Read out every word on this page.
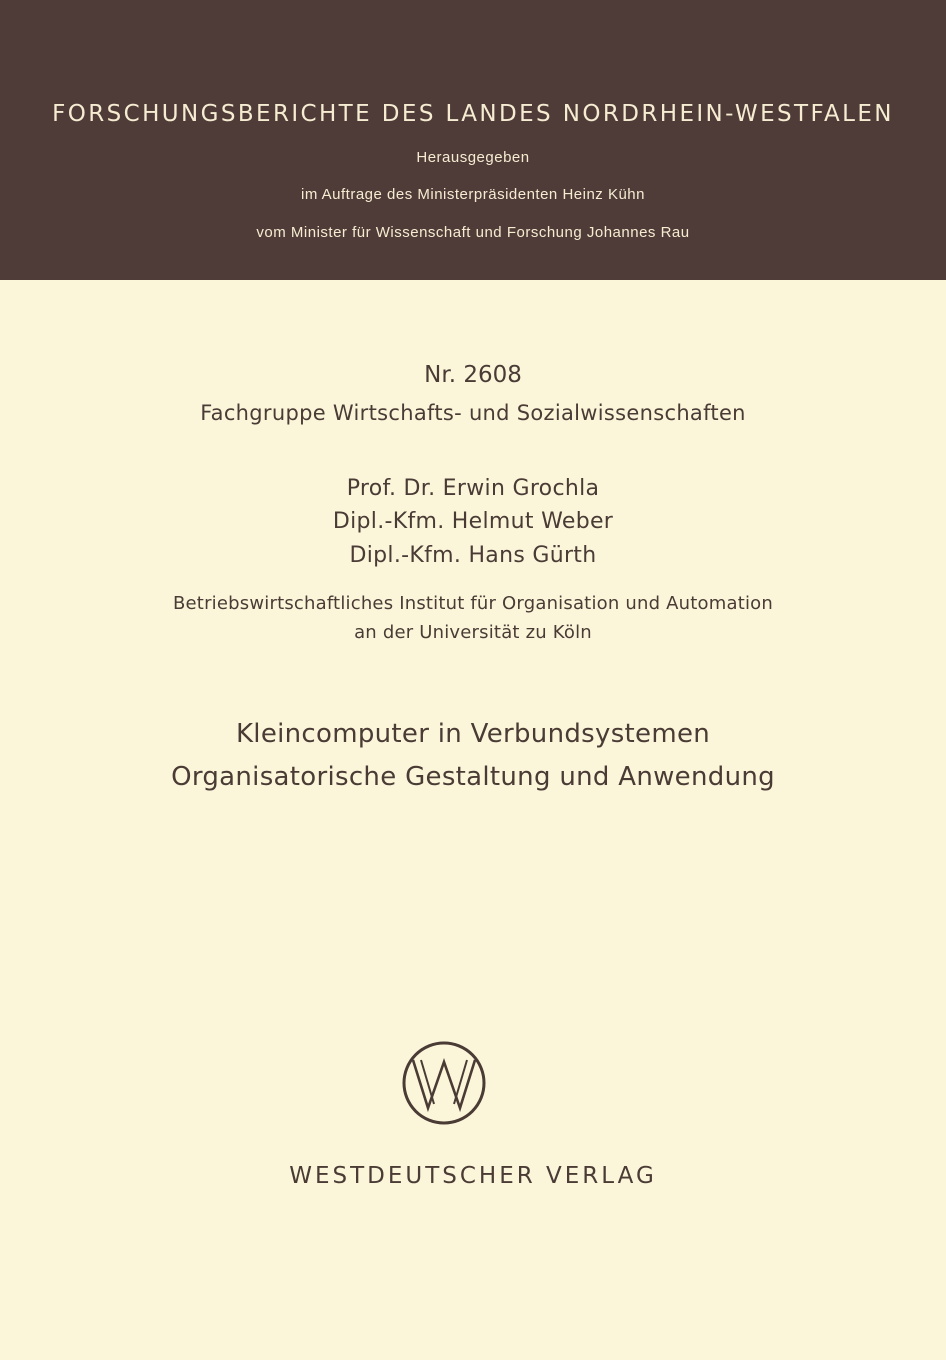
FORSCHUNGSBERICHTE DES LANDES NORDRHEIN-WESTFALEN
Herausgegeben
im Auftrage des Ministerpräsidenten Heinz Kühn
vom Minister für Wissenschaft und Forschung Johannes Rau
Nr. 2608
Fachgruppe Wirtschafts- und Sozialwissenschaften
Prof. Dr. Erwin Grochla
Dipl.-Kfm. Helmut Weber
Dipl.-Kfm. Hans Gürth
Betriebswirtschaftliches Institut für Organisation und Automation
an der Universität zu Köln
Kleincomputer in Verbundsystemen
Organisatorische Gestaltung und Anwendung
WESTDEUTSCHER VERLAG
